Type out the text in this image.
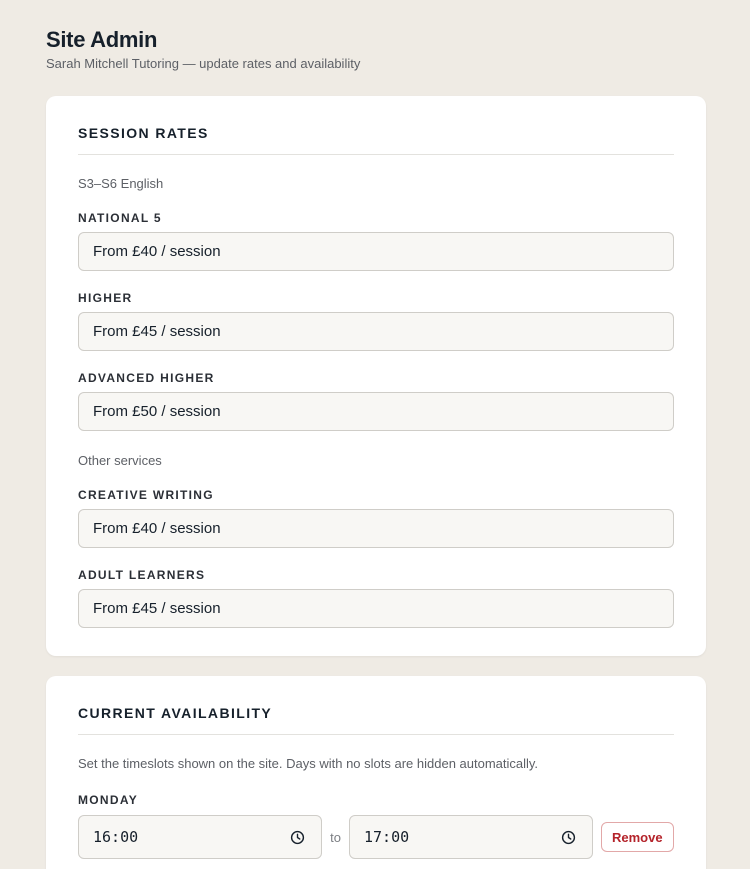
Site Admin

Sarah Mitchell Tutoring — update rates and availability

SESSION RATES

S3–S6 English

NATIONAL 5
From £40 / session
HIGHER
From £45 / session
ADVANCED HIGHER
From £50 / session

Other services

CREATIVE WRITING
From £40 / session
ADULT LEARNERS
From £45 / session
CURRENT AVAILABILITY

Set the timeslots shown on the site. Days with no slots are hidden automatically.

MONDAY
16:00	to	17:00	Remove
